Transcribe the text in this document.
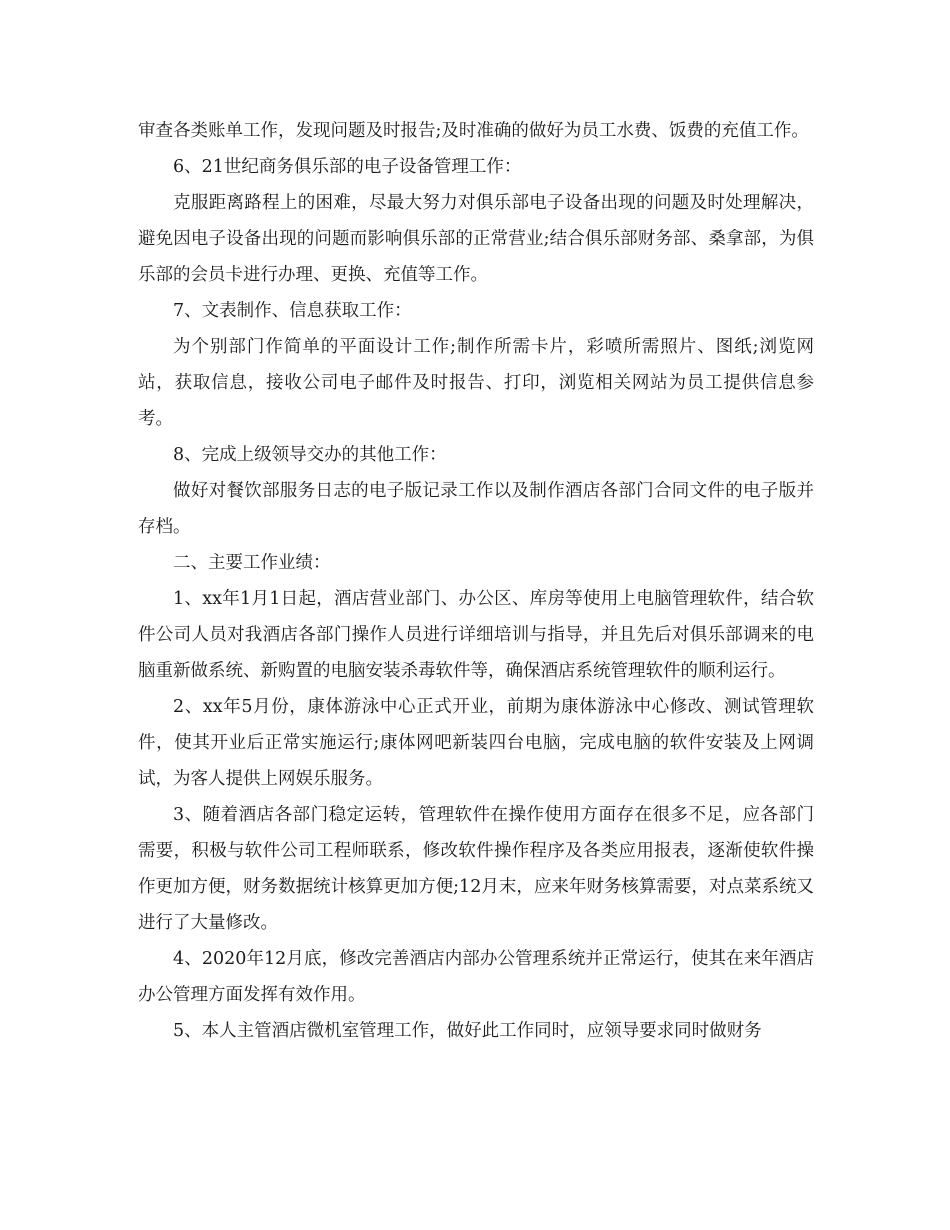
审查各类账单工作，发现问题及时报告;及时准确的做好为员工水费、饭费的充值工作。

6、21世纪商务俱乐部的电子设备管理工作：

克服距离路程上的困难，尽最大努力对俱乐部电子设备出现的问题及时处理解决，避免因电子设备出现的问题而影响俱乐部的正常营业;结合俱乐部财务部、桑拿部，为俱乐部的会员卡进行办理、更换、充值等工作。

7、文表制作、信息获取工作：

为个别部门作简单的平面设计工作;制作所需卡片，彩喷所需照片、图纸;浏览网站，获取信息，接收公司电子邮件及时报告、打印，浏览相关网站为员工提供信息参考。

8、完成上级领导交办的其他工作：

做好对餐饮部服务日志的电子版记录工作以及制作酒店各部门合同文件的电子版并存档。

二、主要工作业绩：

1、xx年1月1日起，酒店营业部门、办公区、库房等使用上电脑管理软件，结合软件公司人员对我酒店各部门操作人员进行详细培训与指导，并且先后对俱乐部调来的电脑重新做系统、新购置的电脑安装杀毒软件等，确保酒店系统管理软件的顺利运行。

2、xx年5月份，康体游泳中心正式开业，前期为康体游泳中心修改、测试管理软件，使其开业后正常实施运行;康体网吧新装四台电脑，完成电脑的软件安装及上网调试，为客人提供上网娱乐服务。

3、随着酒店各部门稳定运转，管理软件在操作使用方面存在很多不足，应各部门需要，积极与软件公司工程师联系，修改软件操作程序及各类应用报表，逐渐使软件操作更加方便，财务数据统计核算更加方便;12月末，应来年财务核算需要，对点菜系统又进行了大量修改。

4、2020年12月底，修改完善酒店内部办公管理系统并正常运行，使其在来年酒店办公管理方面发挥有效作用。

5、本人主管酒店微机室管理工作，做好此工作同时，应领导要求同时做财务
